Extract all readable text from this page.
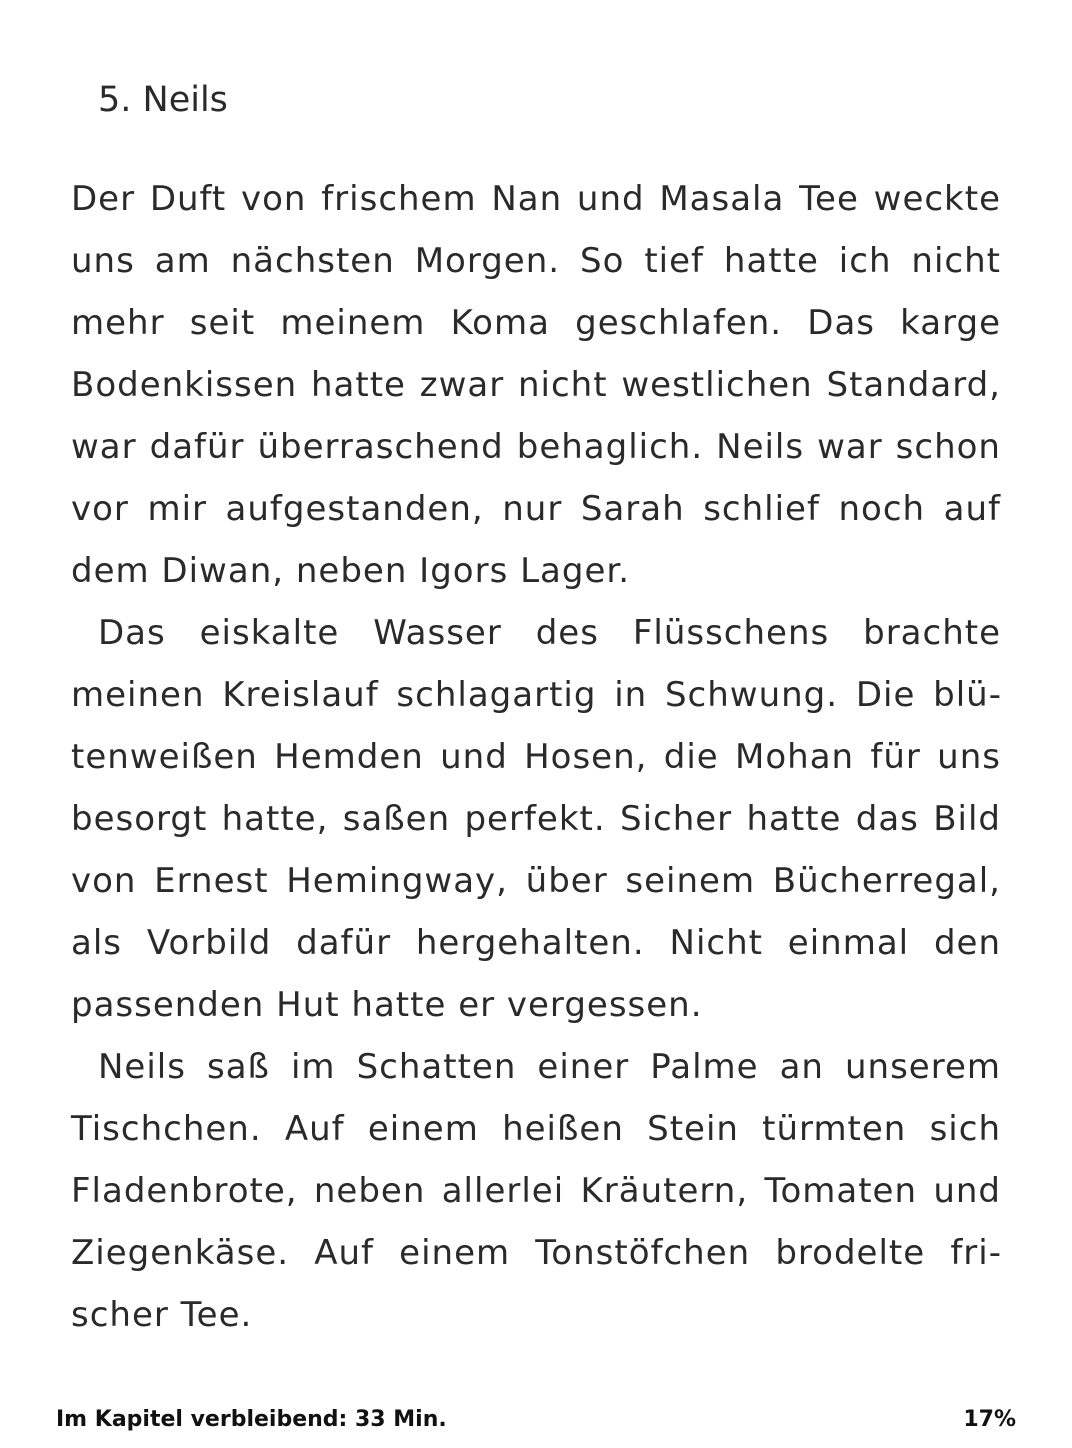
5. Neils

Der Duft von frischem Nan und Masala Tee weckte uns am nächsten Morgen. So tief hatte ich nicht mehr seit meinem Koma geschlafen. Das karge Bodenkissen hatte zwar nicht westlichen Standard, war dafür überraschend behaglich. Neils war schon vor mir aufgestanden, nur Sarah schlief noch auf dem Diwan, neben Igors Lager.

Das eiskalte Wasser des Flüsschens brachte meinen Kreislauf schlagartig in Schwung. Die blütenweißen Hemden und Hosen, die Mohan für uns besorgt hatte, saßen perfekt. Sicher hatte das Bild von Ernest Hemingway, über seinem Bücherregal, als Vorbild dafür hergehalten. Nicht einmal den passenden Hut hatte er vergessen.

Neils saß im Schatten einer Palme an unserem Tischchen. Auf einem heißen Stein türmten sich Fladenbrote, neben allerlei Kräutern, Tomaten und Ziegenkäse. Auf einem Tonstöfchen brodelte frischer Tee.

Im Kapitel verbleibend: 33 Min.	17%
